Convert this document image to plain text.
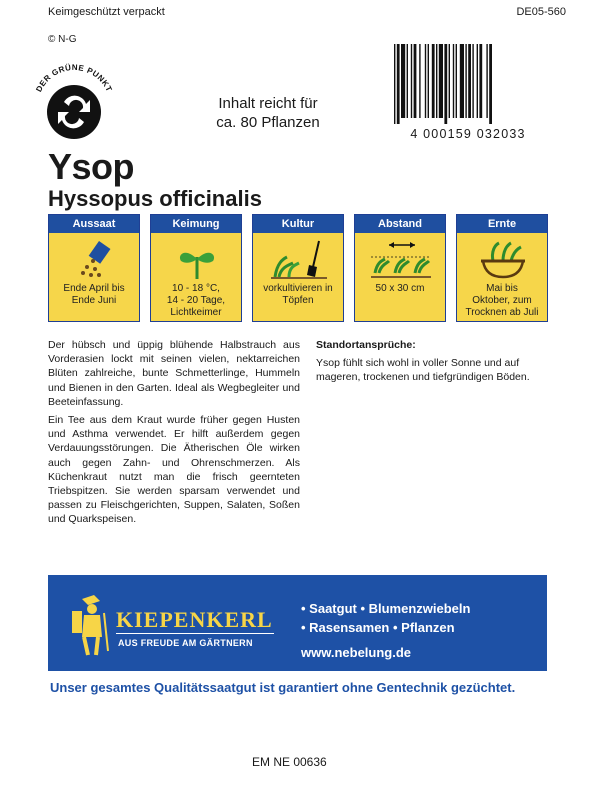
Keimgeschützt verpackt	DE05-560
© N-G
DER GRÜNE PUNKT
Inhalt reicht für
ca. 80 Pflanzen
4 000159 032033
Ysop
Hyssopus officinalis
Aussaat
Ende April bis
Ende Juni
Keimung
10 - 18 °C,
14 - 20 Tage,
Lichtkeimer
Kultur
vorkultivieren in
Töpfen
Abstand
50 x 30 cm
Ernte
Mai bis
Oktober, zum
Trocknen ab Juli

Der hübsch und üppig blühende Halbstrauch aus Vorderasien lockt mit seinen vielen, nektarreichen Blüten zahlreiche, bunte Schmetterlinge, Hummeln und Bienen in den Garten. Ideal als Wegbegleiter und Beeteinfassung.

Ein Tee aus dem Kraut wurde früher gegen Husten und Asthma verwendet. Er hilft außerdem gegen Verdauungsstörungen. Die Ätherischen Öle wirken auch gegen Zahn- und Ohrenschmerzen. Als Küchenkraut nutzt man die frisch geernteten Triebspitzen. Sie werden sparsam verwendet und passen zu Fleischgerichten, Suppen, Salaten, Soßen und Quarkspeisen.

Standortansprüche:

Ysop fühlt sich wohl in voller Sonne und auf mageren, trockenen und tiefgründigen Böden.

KIEPENKERL
AUS FREUDE AM GÄRTNERN
• Saatgut • Blumenzwiebeln
• Rasensamen • Pflanzen
www.nebelung.de
Unser gesamtes Qualitätssaatgut ist garantiert ohne Gentechnik gezüchtet.
EM NE 00636
